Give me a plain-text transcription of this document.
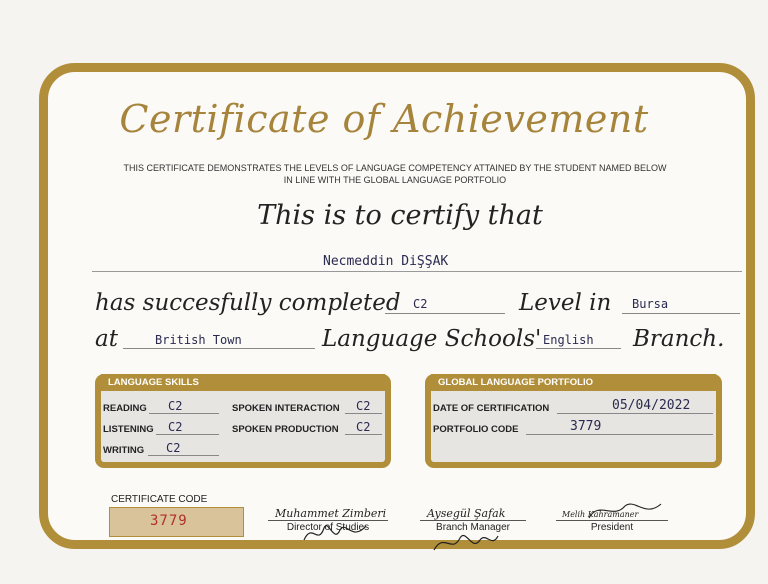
Certificate of Achievement
THIS CERTIFICATE DEMONSTRATES THE LEVELS OF LANGUAGE COMPETENCY ATTAINED BY THE STUDENT NAMED BELOW
IN LINE WITH THE GLOBAL LANGUAGE PORTFOLIO
This is to certify that
Necmeddin DiŞŞAK
has succesfully completed C2	Level in Bursa
at	British Town	Language Schools' English Branch.
LANGUAGE SKILLS
READING C2
LISTENING C2
WRITING C2
SPOKEN INTERACTION C2
SPOKEN PRODUCTION C2
GLOBAL LANGUAGE PORTFOLIO
DATE OF CERTIFICATION	05/04/2022
PORTFOLIO CODE	3779
CERTIFICATE CODE
3779	Muhammet Zimberi
Director of Studies
Aysegül Şafak
Branch Manager
Melih Kahramaner
President
